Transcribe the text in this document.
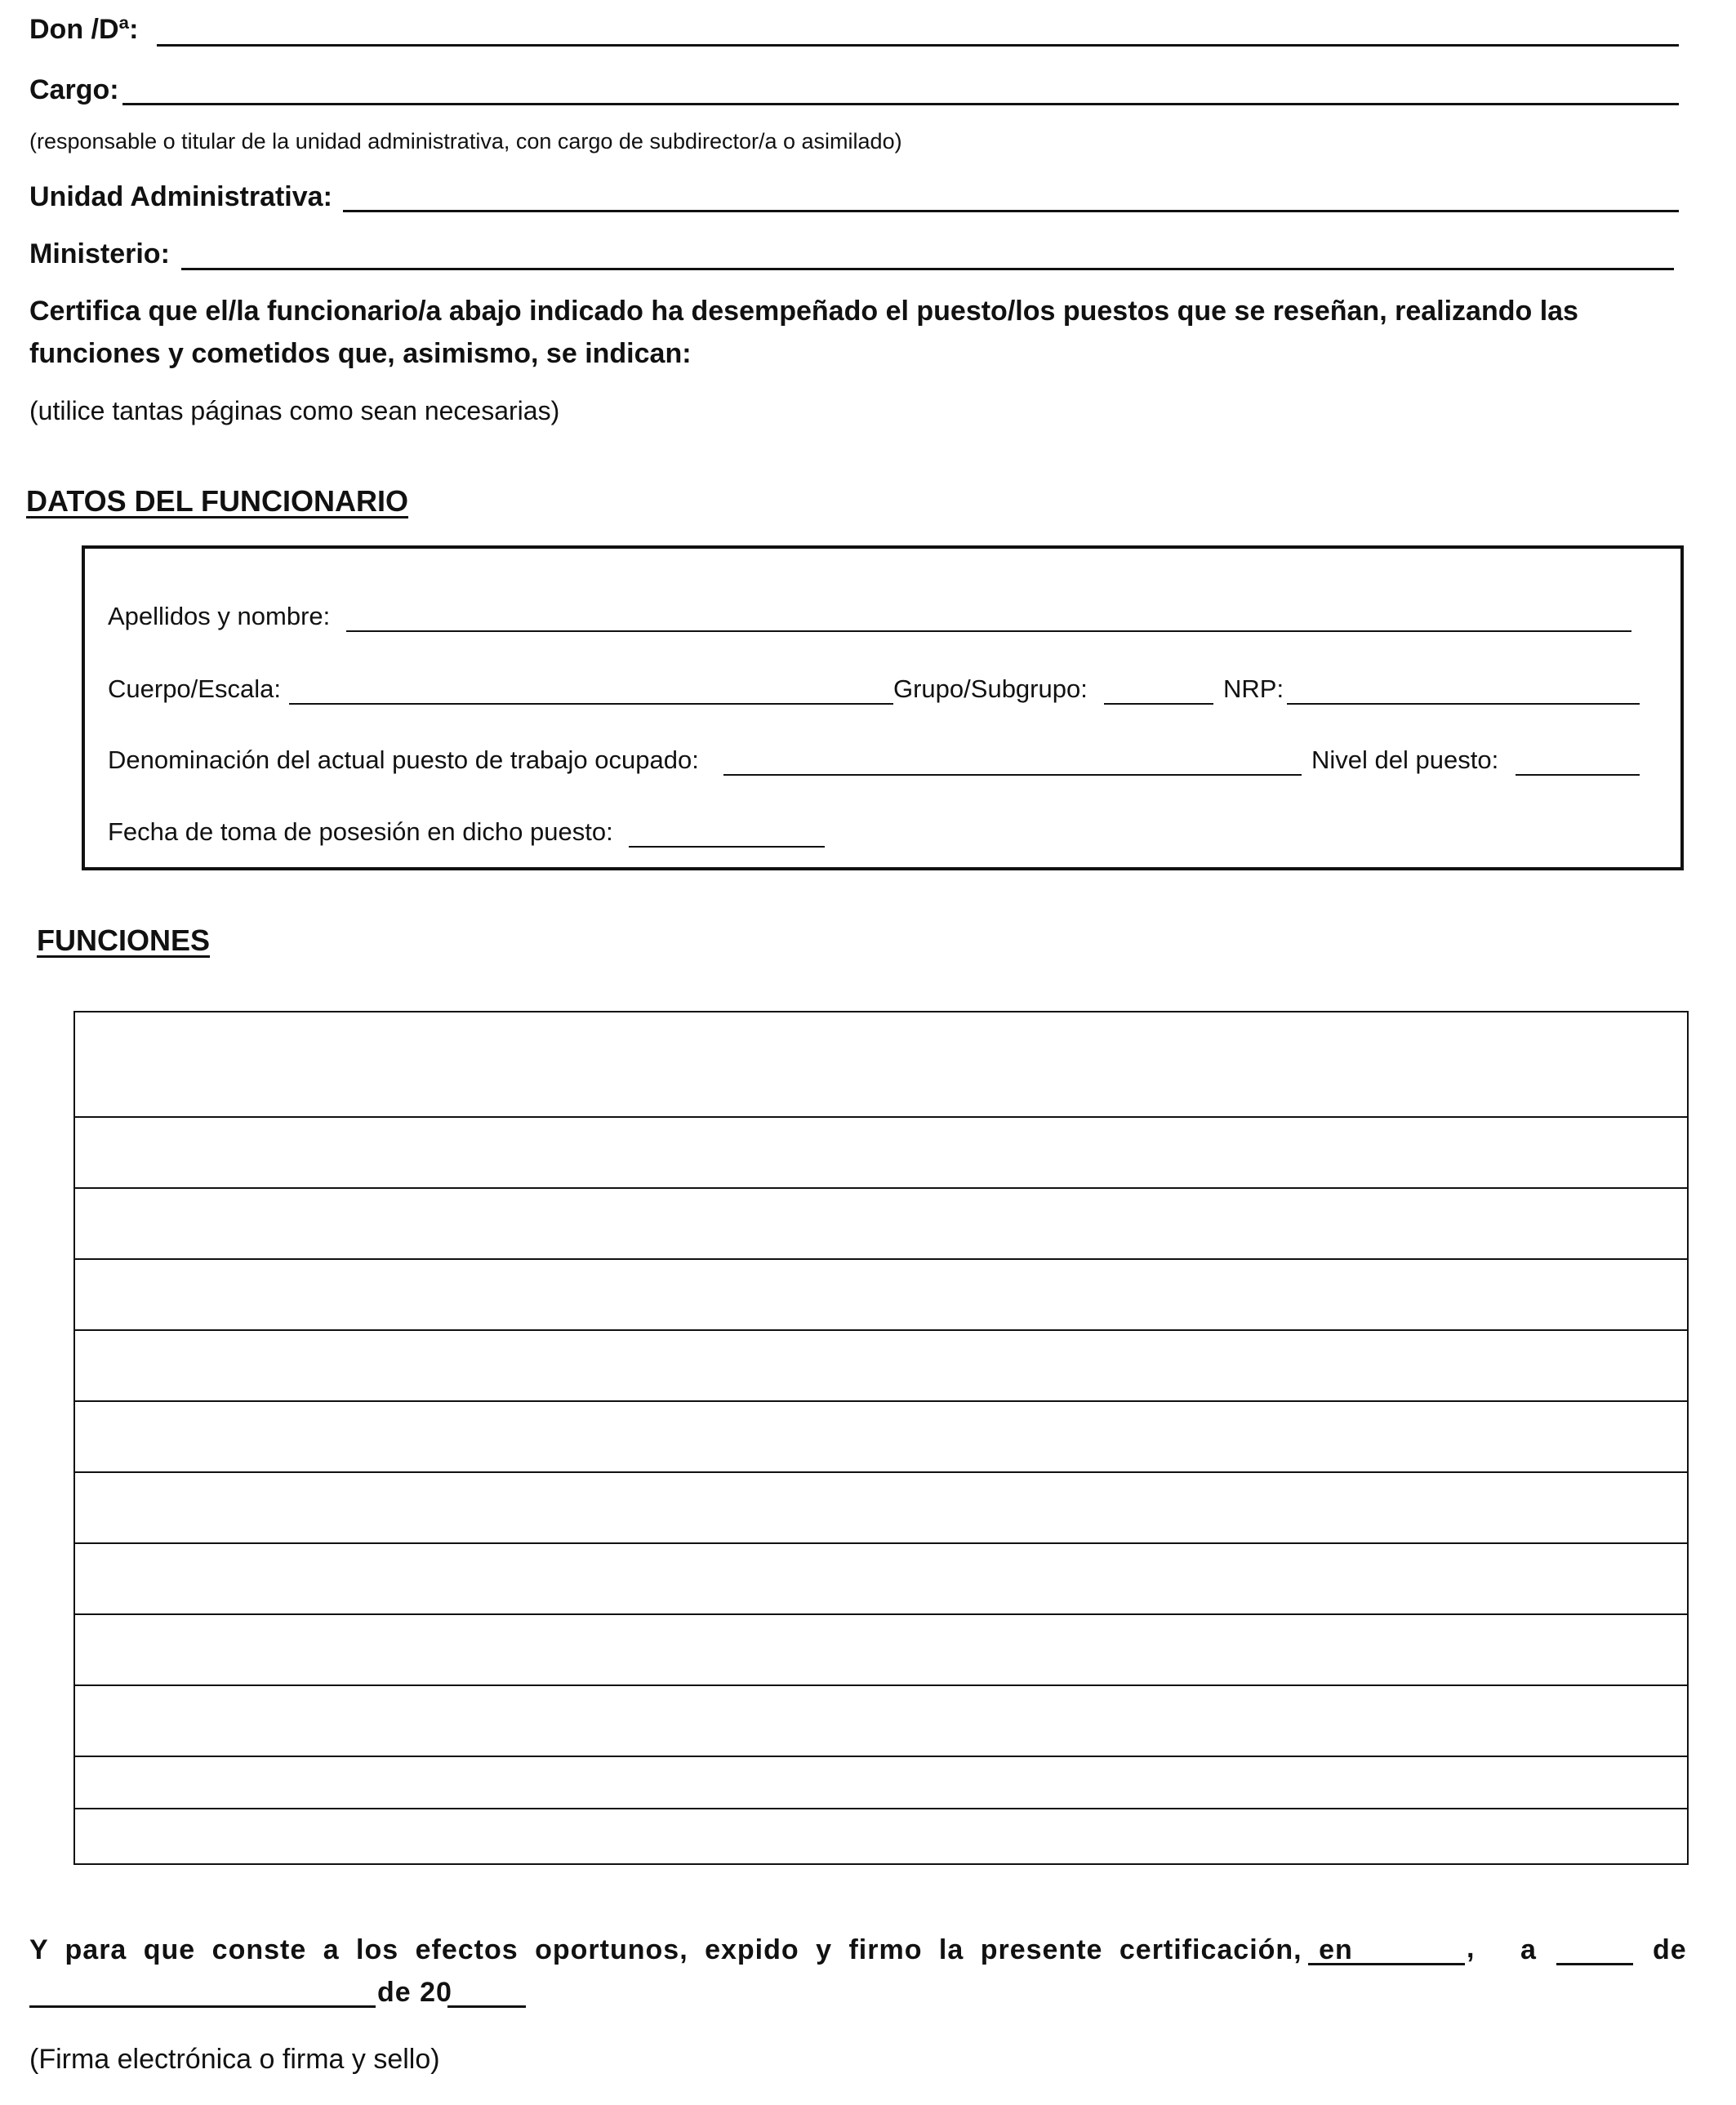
Don /Dª:
Cargo:
(responsable o titular de la unidad administrativa, con cargo de subdirector/a o asimilado)
Unidad Administrativa:
Ministerio:
Certifica que el/la funcionario/a abajo indicado ha desempeñado el puesto/los puestos que se reseñan, realizando las
funciones y cometidos que, asimismo, se indican:
(utilice tantas páginas como sean necesarias)
DATOS DEL FUNCIONARIO
Apellidos y nombre:
Cuerpo/Escala:	Grupo/Subgrupo:	NRP:
Denominación del actual puesto de trabajo ocupado:	Nivel del puesto:
Fecha de toma de posesión en dicho puesto:
FUNCIONES
Y para que conste a los efectos oportunos, expido y firmo la presente certificación, en	, a	de
de 20
(Firma electrónica o firma y sello)
